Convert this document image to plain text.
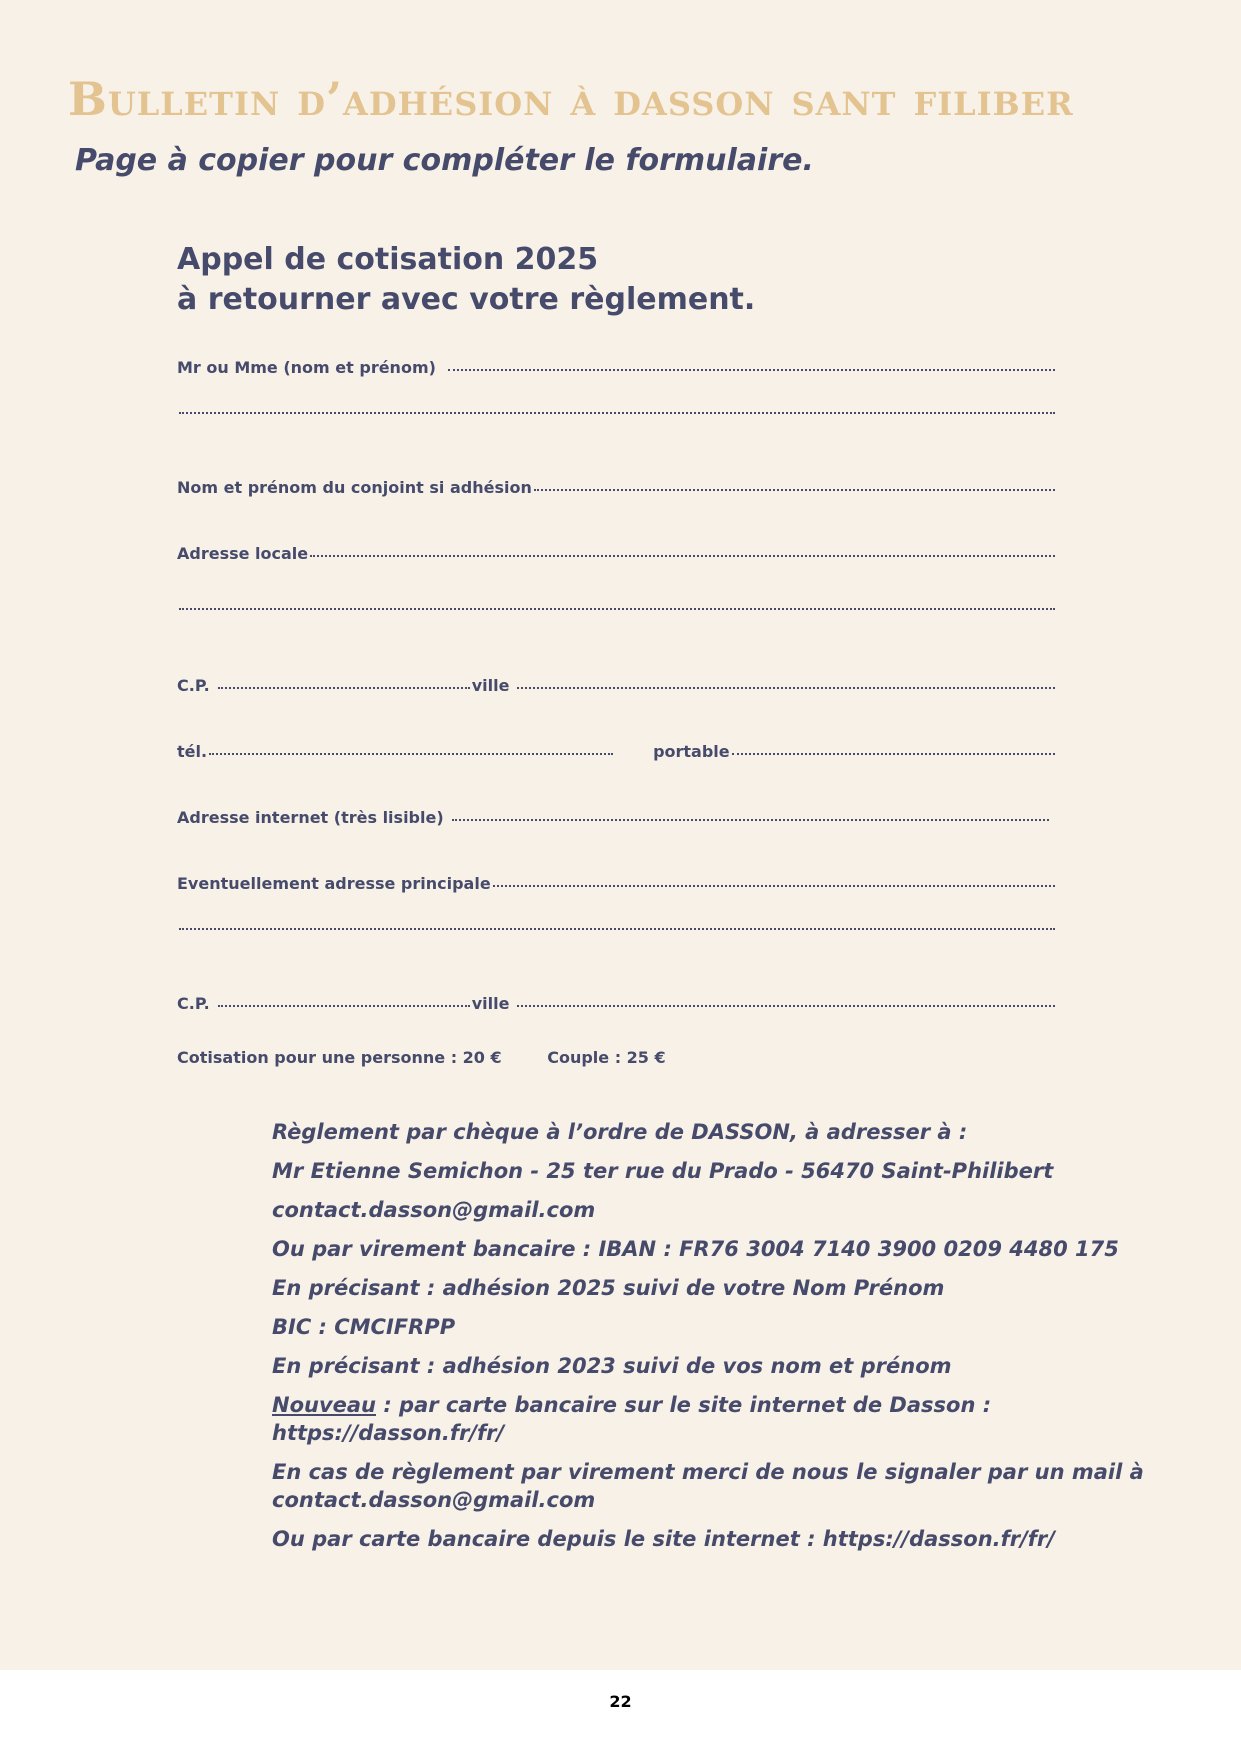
Bulletin d’adhésion à dasson sant filiber
Page à copier pour compléter le formulaire.
Appel de cotisation 2025
à retourner avec votre règlement.
Mr ou Mme (nom et prénom)
Nom et prénom du conjoint si adhésion
Adresse locale
C.P.	ville
tél.	portable
Adresse internet (très lisible)
Eventuellement adresse principale
C.P.	ville
Cotisation pour une personne : 20 €	Couple : 25 €

Règlement par chèque à l’ordre de DASSON, à adresser à :

Mr Etienne Semichon - 25 ter rue du Prado - 56470 Saint-Philibert

contact.dasson@gmail.com

Ou par virement bancaire : IBAN : FR76 3004 7140 3900 0209 4480 175

En précisant : adhésion 2025 suivi de votre Nom Prénom

BIC : CMCIFRPP

En précisant : adhésion 2023 suivi de vos nom et prénom

Nouveau : par carte bancaire sur le site internet de Dasson : https://dasson.fr/fr/

En cas de règlement par virement merci de nous le signaler par un mail à
contact.dasson@gmail.com

Ou par carte bancaire depuis le site internet : https://dasson.fr/fr/

22
